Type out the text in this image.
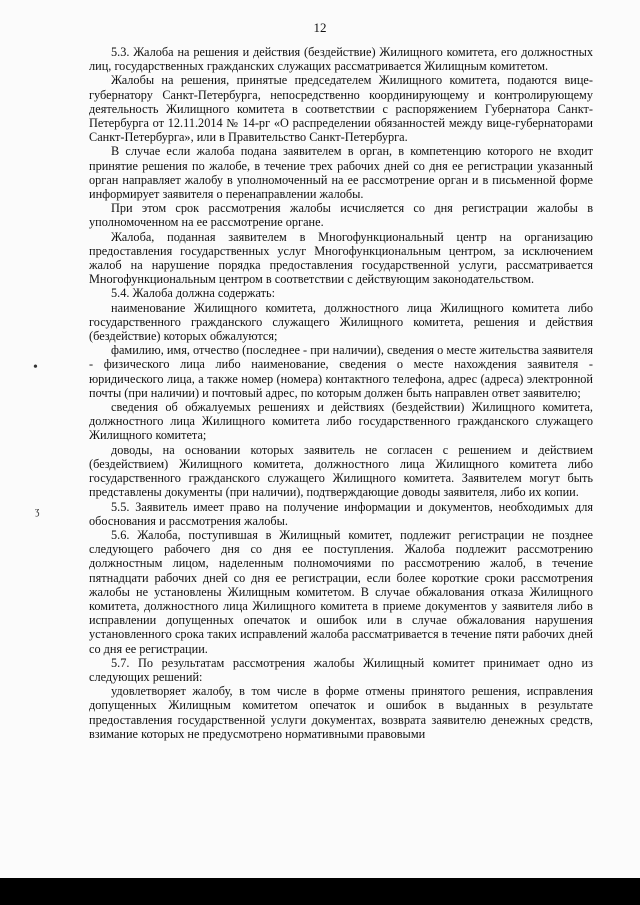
12
•
ʒ

5.3. Жалоба на решения и действия (бездействие) Жилищного комитета, его должностных лиц, государственных гражданских служащих рассматривается Жилищным комитетом.

Жалобы на решения, принятые председателем Жилищного комитета, подаются вице-губернатору Санкт-Петербурга, непосредственно координирующему и контролирующему деятельность Жилищного комитета в соответствии с распоряжением Губернатора Санкт-Петербурга от 12.11.2014 № 14-рг «О распределении обязанностей между вице-губернаторами Санкт-Петербурга», или в Правительство Санкт-Петербурга.

В случае если жалоба подана заявителем в орган, в компетенцию которого не входит принятие решения по жалобе, в течение трех рабочих дней со дня ее регистрации указанный орган направляет жалобу в уполномоченный на ее рассмотрение орган и в письменной форме информирует заявителя о перенаправлении жалобы.

При этом срок рассмотрения жалобы исчисляется со дня регистрации жалобы в уполномоченном на ее рассмотрение органе.

Жалоба, поданная заявителем в Многофункциональный центр на организацию предоставления государственных услуг Многофункциональным центром, за исключением жалоб на нарушение порядка предоставления государственной услуги, рассматривается Многофункциональным центром в соответствии с действующим законодательством.

5.4. Жалоба должна содержать:

наименование Жилищного комитета, должностного лица Жилищного комитета либо государственного гражданского служащего Жилищного комитета, решения и действия (бездействие) которых обжалуются;

фамилию, имя, отчество (последнее - при наличии), сведения о месте жительства заявителя - физического лица либо наименование, сведения о месте нахождения заявителя - юридического лица, а также номер (номера) контактного телефона, адрес (адреса) электронной почты (при наличии) и почтовый адрес, по которым должен быть направлен ответ заявителю;

сведения об обжалуемых решениях и действиях (бездействии) Жилищного комитета, должностного лица Жилищного комитета либо государственного гражданского служащего Жилищного комитета;

доводы, на основании которых заявитель не согласен с решением и действием (бездействием) Жилищного комитета, должностного лица Жилищного комитета либо государственного гражданского служащего Жилищного комитета. Заявителем могут быть представлены документы (при наличии), подтверждающие доводы заявителя, либо их копии.

5.5. Заявитель имеет право на получение информации и документов, необходимых для обоснования и рассмотрения жалобы.

5.6. Жалоба, поступившая в Жилищный комитет, подлежит регистрации не позднее следующего рабочего дня со дня ее поступления. Жалоба подлежит рассмотрению должностным лицом, наделенным полномочиями по рассмотрению жалоб, в течение пятнадцати рабочих дней со дня ее регистрации, если более короткие сроки рассмотрения жалобы не установлены Жилищным комитетом. В случае обжалования отказа Жилищного комитета, должностного лица Жилищного комитета в приеме документов у заявителя либо в исправлении допущенных опечаток и ошибок или в случае обжалования нарушения установленного срока таких исправлений жалоба рассматривается в течение пяти рабочих дней со дня ее регистрации.

5.7. По результатам рассмотрения жалобы Жилищный комитет принимает одно из следующих решений:

удовлетворяет жалобу, в том числе в форме отмены принятого решения, исправления допущенных Жилищным комитетом опечаток и ошибок в выданных в результате предоставления государственной услуги документах, возврата заявителю денежных средств, взимание которых не предусмотрено нормативными правовыми
